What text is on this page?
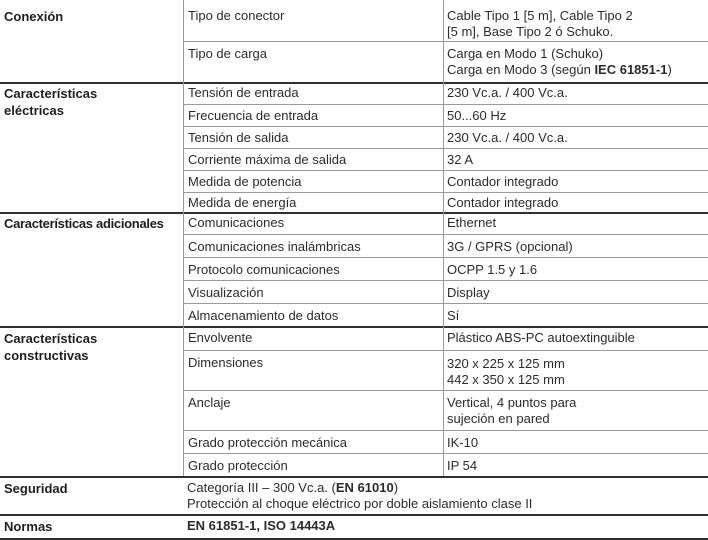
Conexión	Tipo de conector	Cable Tipo 1 [5 m], Cable Tipo 2
[5 m], Base Tipo 2 ó Schuko.
Tipo de carga	Carga en Modo 1 (Schuko)
Carga en Modo 3 (según IEC 61851-1)
Características
eléctricas
Tensión de entrada	230 Vc.a. / 400 Vc.a.
Frecuencia de entrada	50...60 Hz
Tensión de salida	230 Vc.a. / 400 Vc.a.
Corriente máxima de salida	32 A
Medida de potencia	Contador integrado
Medida de energía	Contador integrado
Características adicionales	Comunicaciones	Ethernet
Comunicaciones inalámbricas	3G / GPRS (opcional)
Protocolo comunicaciones	OCPP 1.5 y 1.6
Visualización	Display
Almacenamiento de datos	Sí
Características
constructivas
Envolvente	Plástico ABS-PC autoextinguible
Dimensiones	320 x 225 x 125 mm
442 x 350 x 125 mm
Anclaje	Vertical, 4 puntos para
sujeción en pared
Grado protección mecánica	IK-10
Grado protección	IP 54
Seguridad	Categoría III – 300 Vc.a. (EN 61010)
Protección al choque eléctrico por doble aislamiento clase II
Normas	EN 61851-1, ISO 14443A
